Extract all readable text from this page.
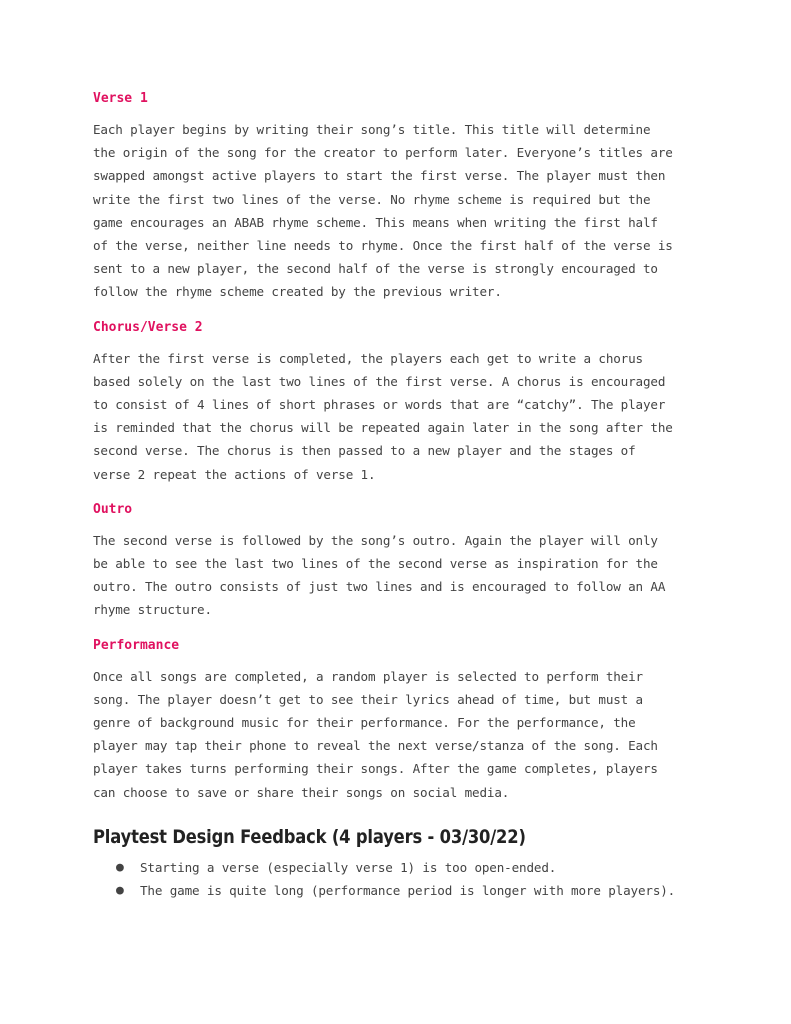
Verse 1

Each player begins by writing their song’s title. This title will determine
the origin of the song for the creator to perform later. Everyone’s titles are
swapped amongst active players to start the first verse. The player must then
write the first two lines of the verse. No rhyme scheme is required but the
game encourages an ABAB rhyme scheme. This means when writing the first half
of the verse, neither line needs to rhyme. Once the first half of the verse is
sent to a new player, the second half of the verse is strongly encouraged to
follow the rhyme scheme created by the previous writer.

Chorus/Verse 2

After the first verse is completed, the players each get to write a chorus
based solely on the last two lines of the first verse. A chorus is encouraged
to consist of 4 lines of short phrases or words that are “catchy”. The player
is reminded that the chorus will be repeated again later in the song after the
second verse. The chorus is then passed to a new player and the stages of
verse 2 repeat the actions of verse 1.

Outro

The second verse is followed by the song’s outro. Again the player will only
be able to see the last two lines of the second verse as inspiration for the
outro. The outro consists of just two lines and is encouraged to follow an AA
rhyme structure.

Performance

Once all songs are completed, a random player is selected to perform their
song. The player doesn’t get to see their lyrics ahead of time, but must a
genre of background music for their performance. For the performance, the
player may tap their phone to reveal the next verse/stanza of the song. Each
player takes turns performing their songs. After the game completes, players
can choose to save or share their songs on social media.

Playtest Design Feedback (4 players - 03/30/22)
● Starting a verse (especially verse 1) is too open-ended.
● The game is quite long (performance period is longer with more players).
